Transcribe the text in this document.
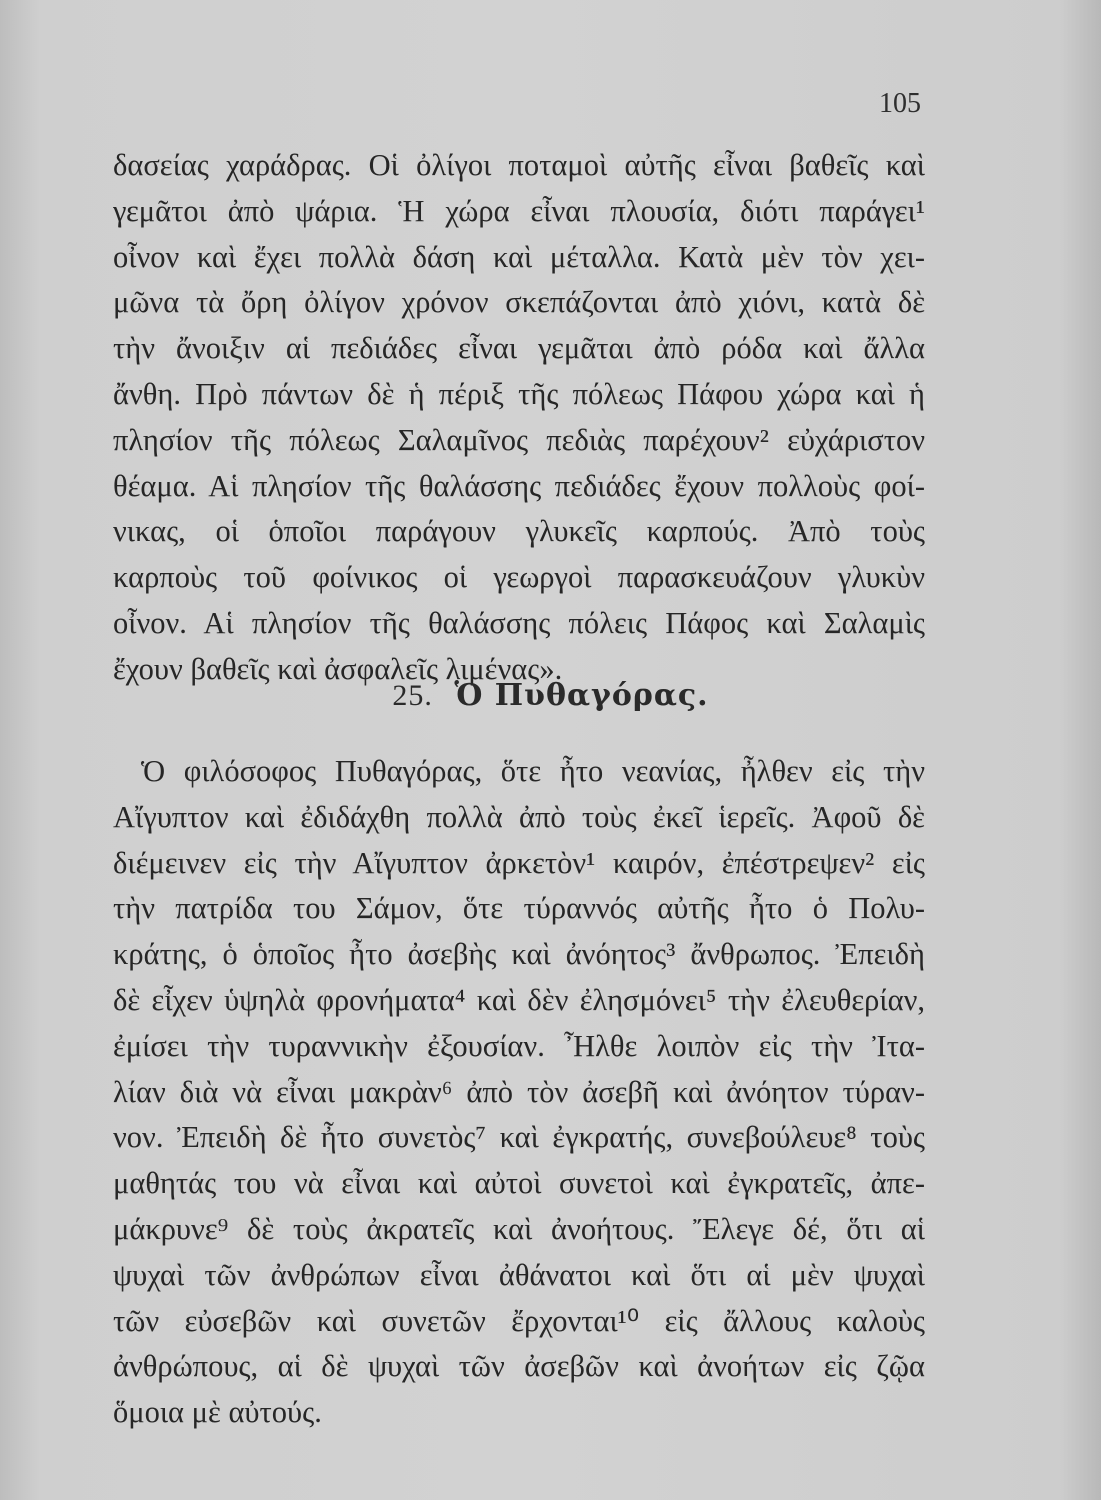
105
δασείας χαράδρας. Οἱ ὀλίγοι ποταμοὶ αὐτῆς εἶναι βαθεῖς καὶ
γεμᾶτοι ἀπὸ ψάρια. Ἡ χώρα εἶναι πλουσία, διότι παράγει¹
οἶνον καὶ ἔχει πολλὰ δάση καὶ μέταλλα. Κατὰ μὲν τὸν χει-
μῶνα τὰ ὄρη ὀλίγον χρόνον σκεπάζονται ἀπὸ χιόνι, κατὰ δὲ
τὴν ἄνοιξιν αἱ πεδιάδες εἶναι γεμᾶται ἀπὸ ρόδα καὶ ἄλλα
ἄνθη. Πρὸ πάντων δὲ ἡ πέριξ τῆς πόλεως Πάφου χώρα καὶ ἡ
πλησίον τῆς πόλεως Σαλαμῖνος πεδιὰς παρέχουν² εὐχάριστον
θέαμα. Αἱ πλησίον τῆς θαλάσσης πεδιάδες ἔχουν πολλοὺς φοί-
νικας, οἱ ὁποῖοι παράγουν γλυκεῖς καρπούς. Ἀπὸ τοὺς
καρποὺς τοῦ φοίνικος οἱ γεωργοὶ παρασκευάζουν γλυκὺν
οἶνον. Αἱ πλησίον τῆς θαλάσσης πόλεις Πάφος καὶ Σαλαμὶς
ἔχουν βαθεῖς καὶ ἀσφαλεῖς λιμένας».
25. Ὁ Πυθαγόρας.
Ὁ φιλόσοφος Πυθαγόρας, ὅτε ἦτο νεανίας, ἦλθεν εἰς τὴν
Αἴγυπτον καὶ ἐδιδάχθη πολλὰ ἀπὸ τοὺς ἐκεῖ ἱερεῖς. Ἀφοῦ δὲ
διέμεινεν εἰς τὴν Αἴγυπτον ἀρκετὸν¹ καιρόν, ἐπέστρεψεν² εἰς
τὴν πατρίδα του Σάμον, ὅτε τύραννός αὐτῆς ἦτο ὁ Πολυ-
κράτης, ὁ ὁποῖος ἦτο ἀσεβὴς καὶ ἀνόητος³ ἄνθρωπος. Ἐπειδὴ
δὲ εἶχεν ὑψηλὰ φρονήματα⁴ καὶ δὲν ἐλησμόνει⁵ τὴν ἐλευθερίαν,
ἐμίσει τὴν τυραννικὴν ἐξουσίαν. Ἦλθε λοιπὸν εἰς τὴν Ἰτα-
λίαν διὰ νὰ εἶναι μακρὰν⁶ ἀπὸ τὸν ἀσεβῆ καὶ ἀνόητον τύραν-
νον. Ἐπειδὴ δὲ ἦτο συνετὸς⁷ καὶ ἐγκρατής, συνεβούλευε⁸ τοὺς
μαθητάς του νὰ εἶναι καὶ αὐτοὶ συνετοὶ καὶ ἐγκρατεῖς, ἀπε-
μάκρυνε⁹ δὲ τοὺς ἀκρατεῖς καὶ ἀνοήτους. Ἔλεγε δέ, ὅτι αἱ
ψυχαὶ τῶν ἀνθρώπων εἶναι ἀθάνατοι καὶ ὅτι αἱ μὲν ψυχαὶ
τῶν εὐσεβῶν καὶ συνετῶν ἔρχονται¹⁰ εἰς ἄλλους καλοὺς
ἀνθρώπους, αἱ δὲ ψυχαὶ τῶν ἀσεβῶν καὶ ἀνοήτων εἰς ζῷα
ὅμοια μὲ αὐτούς.
